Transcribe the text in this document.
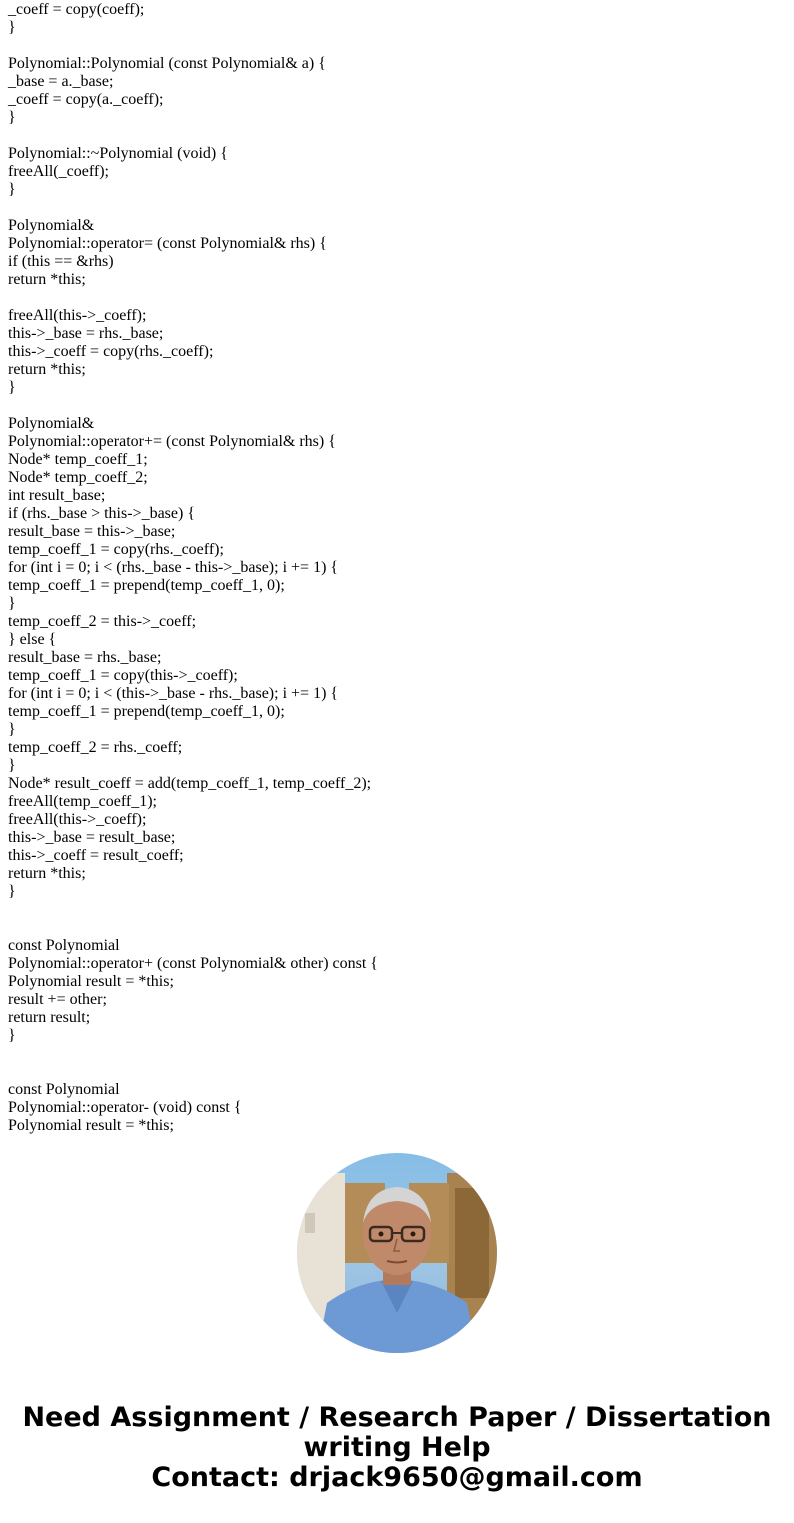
_coeff = copy(coeff);
}
Polynomial::Polynomial (const Polynomial& a) {
_base = a._base;
_coeff = copy(a._coeff);
}
Polynomial::~Polynomial (void) {
freeAll(_coeff);
}
Polynomial&
Polynomial::operator= (const Polynomial& rhs) {
if (this == &rhs)
return *this;
freeAll(this->_coeff);
this->_base = rhs._base;
this->_coeff = copy(rhs._coeff);
return *this;
}
Polynomial&
Polynomial::operator+= (const Polynomial& rhs) {
Node* temp_coeff_1;
Node* temp_coeff_2;
int result_base;
if (rhs._base > this->_base) {
result_base = this->_base;
temp_coeff_1 = copy(rhs._coeff);
for (int i = 0; i < (rhs._base - this->_base); i += 1) {
temp_coeff_1 = prepend(temp_coeff_1, 0);
}
temp_coeff_2 = this->_coeff;
} else {
result_base = rhs._base;
temp_coeff_1 = copy(this->_coeff);
for (int i = 0; i < (this->_base - rhs._base); i += 1) {
temp_coeff_1 = prepend(temp_coeff_1, 0);
}
temp_coeff_2 = rhs._coeff;
}
Node* result_coeff = add(temp_coeff_1, temp_coeff_2);
freeAll(temp_coeff_1);
freeAll(this->_coeff);
this->_base = result_base;
this->_coeff = result_coeff;
return *this;
}
const Polynomial
Polynomial::operator+ (const Polynomial& other) const {
Polynomial result = *this;
result += other;
return result;
}
const Polynomial
Polynomial::operator- (void) const {
Polynomial result = *this;
Need Assignment / Research Paper / Dissertation
writing Help
Contact: drjack9650@gmail.com
